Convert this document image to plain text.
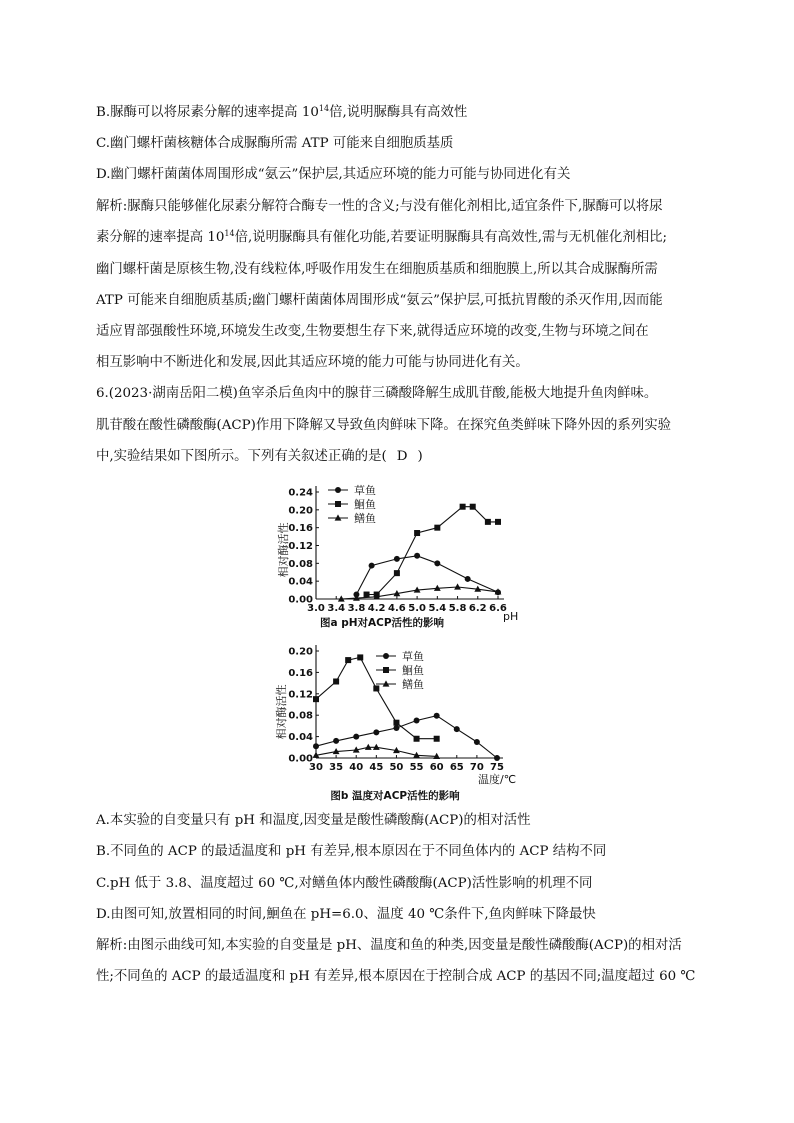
B.脲酶可以将尿素分解的速率提高 $10^{14}$倍,说明脲酶具有高效性
C.幽门螺杆菌核糖体合成脲酶所需 ATP 可能来自细胞质基质
D.幽门螺杆菌菌体周围形成“氨云”保护层,其适应环境的能力可能与协同进化有关
解析:脲酶只能够催化尿素分解符合酶专一性的含义;与没有催化剂相比,适宜条件下,脲酶可以将尿
素分解的速率提高 $10^{14}$倍,说明脲酶具有催化功能,若要证明脲酶具有高效性,需与无机催化剂相比;
幽门螺杆菌是原核生物,没有线粒体,呼吸作用发生在细胞质基质和细胞膜上,所以其合成脲酶所需
ATP 可能来自细胞质基质;幽门螺杆菌菌体周围形成“氨云”保护层,可抵抗胃酸的杀灭作用,因而能
适应胃部强酸性环境,环境发生改变,生物要想生存下来,就得适应环境的改变,生物与环境之间在
相互影响中不断进化和发展,因此其适应环境的能力可能与协同进化有关。
6.(2023·湖南岳阳二模)鱼宰杀后鱼肉中的腺苷三磷酸降解生成肌苷酸,能极大地提升鱼肉鲜味。
肌苷酸在酸性磷酸酶(ACP)作用下降解又导致鱼肉鲜味下降。在探究鱼类鲜味下降外因的系列实验
中,实验结果如下图所示。下列有关叙述正确的是( D )
图a pH对ACP活性的影响	pH
相对酶活性
0.00
0.04
0.08
0.12
0.16
0.20
0.24
3.0 3.4 3.8 4.2 4.6 5.0 5.4 5.8 6.2 6.6
草鱼
鮰鱼
鳝鱼
图b 温度对ACP活性的影响
温度/℃
相对酶活性
0.00
0.04
0.08
0.12
0.16
0.20
30 35 40 45 50 55 60 65 70 75
草鱼
鮰鱼
鳝鱼
A.本实验的自变量只有 pH 和温度,因变量是酸性磷酸酶(ACP)的相对活性
B.不同鱼的 ACP 的最适温度和 pH 有差异,根本原因在于不同鱼体内的 ACP 结构不同
C.pH 低于 3.8、温度超过 60 ℃,对鳝鱼体内酸性磷酸酶(ACP)活性影响的机理不同
D.由图可知,放置相同的时间,鮰鱼在 pH=6.0、温度 40 ℃条件下,鱼肉鲜味下降最快
解析:由图示曲线可知,本实验的自变量是 pH、温度和鱼的种类,因变量是酸性磷酸酶(ACP)的相对活
性;不同鱼的 ACP 的最适温度和 pH 有差异,根本原因在于控制合成 ACP 的基因不同;温度超过 60 ℃
